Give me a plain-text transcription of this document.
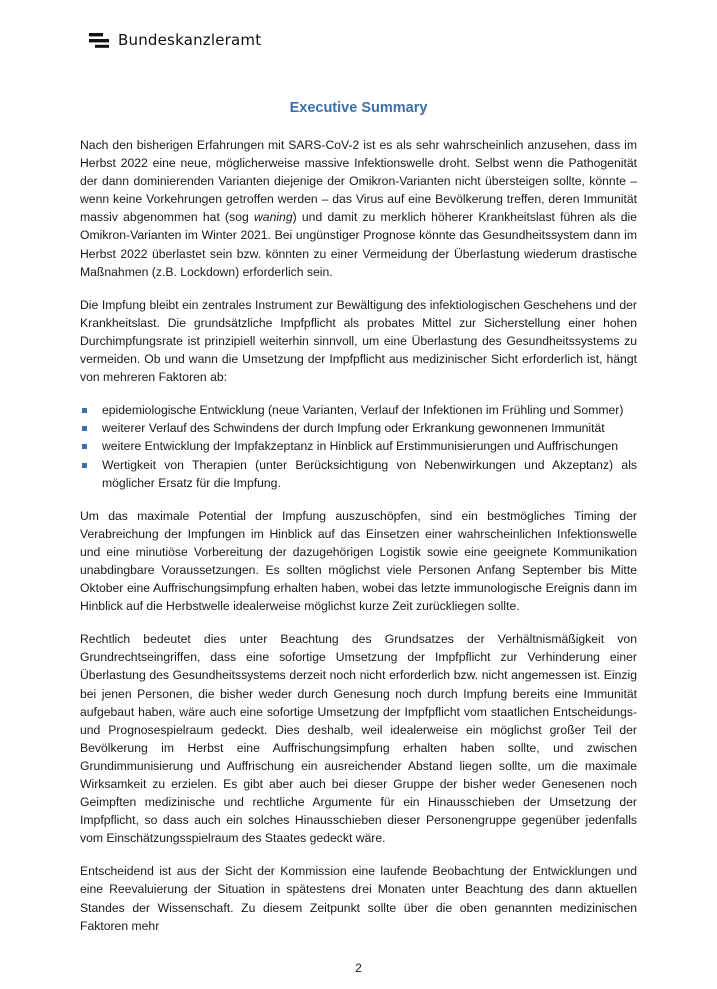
Bundeskanzleramt
Executive Summary

Nach den bisherigen Erfahrungen mit SARS-CoV-2 ist es als sehr wahrscheinlich anzusehen, dass im Herbst 2022 eine neue, möglicherweise massive Infektionswelle droht. Selbst wenn die Pathogenität der dann dominierenden Varianten diejenige der Omikron-Varianten nicht übersteigen sollte, könnte – wenn keine Vorkehrungen getroffen werden – das Virus auf eine Bevölkerung treffen, deren Immunität massiv abgenommen hat (sog waning) und damit zu merklich höherer Krankheitslast führen als die Omikron-Varianten im Winter 2021. Bei ungünstiger Prognose könnte das Gesundheitssystem dann im Herbst 2022 überlastet sein bzw. könnten zu einer Vermeidung der Überlastung wiederum drastische Maßnahmen (z.B. Lockdown) erforderlich sein.

Die Impfung bleibt ein zentrales Instrument zur Bewältigung des infektiologischen Geschehens und der Krankheitslast. Die grundsätzliche Impfpflicht als probates Mittel zur Sicherstellung einer hohen Durchimpfungsrate ist prinzipiell weiterhin sinnvoll, um eine Überlastung des Gesundheitssystems zu vermeiden. Ob und wann die Umsetzung der Impfpflicht aus medizinischer Sicht erforderlich ist, hängt von mehreren Faktoren ab:

epidemiologische Entwicklung (neue Varianten, Verlauf der Infektionen im Frühling und Sommer)
weiterer Verlauf des Schwindens der durch Impfung oder Erkrankung gewonnenen Immunität
weitere Entwicklung der Impfakzeptanz in Hinblick auf Erstimmunisierungen und Auffrischungen
Wertigkeit von Therapien (unter Berücksichtigung von Nebenwirkungen und Akzeptanz) als möglicher Ersatz für die Impfung.

Um das maximale Potential der Impfung auszuschöpfen, sind ein bestmögliches Timing der Verabreichung der Impfungen im Hinblick auf das Einsetzen einer wahrscheinlichen Infektionswelle und eine minutiöse Vorbereitung der dazugehörigen Logistik sowie eine geeignete Kommunikation unabdingbare Voraussetzungen. Es sollten möglichst viele Personen Anfang September bis Mitte Oktober eine Auffrischungsimpfung erhalten haben, wobei das letzte immunologische Ereignis dann im Hinblick auf die Herbstwelle idealerweise möglichst kurze Zeit zurückliegen sollte.

Rechtlich bedeutet dies unter Beachtung des Grundsatzes der Verhältnismäßigkeit von Grundrechtseingriffen, dass eine sofortige Umsetzung der Impfpflicht zur Verhinderung einer Überlastung des Gesundheitssystems derzeit noch nicht erforderlich bzw. nicht angemessen ist. Einzig bei jenen Personen, die bisher weder durch Genesung noch durch Impfung bereits eine Immunität aufgebaut haben, wäre auch eine sofortige Umsetzung der Impfpflicht vom staatlichen Entscheidungs- und Prognosespielraum gedeckt. Dies deshalb, weil idealerweise ein möglichst großer Teil der Bevölkerung im Herbst eine Auffrischungsimpfung erhalten haben sollte, und zwischen Grundimmunisierung und Auffrischung ein ausreichender Abstand liegen sollte, um die maximale Wirksamkeit zu erzielen. Es gibt aber auch bei dieser Gruppe der bisher weder Genesenen noch Geimpften medizinische und rechtliche Argumente für ein Hinausschieben der Umsetzung der Impfpflicht, so dass auch ein solches Hinausschieben dieser Personengruppe gegenüber jedenfalls vom Einschätzungsspielraum des Staates gedeckt wäre.

Entscheidend ist aus der Sicht der Kommission eine laufende Beobachtung der Entwicklungen und eine Reevaluierung der Situation in spätestens drei Monaten unter Beachtung des dann aktuellen Standes der Wissenschaft. Zu diesem Zeitpunkt sollte über die oben genannten medizinischen Faktoren mehr

2
